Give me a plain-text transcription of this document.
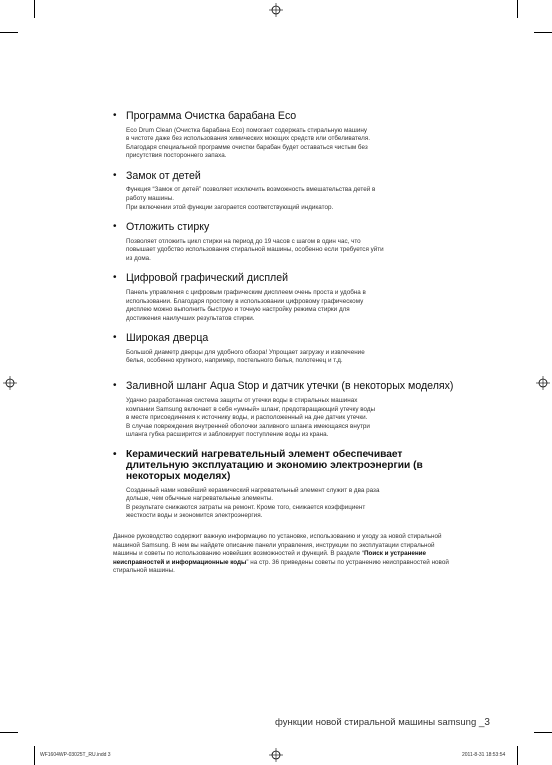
• Программа Очистка барабана Eco
Eco Drum Clean (Очистка барабана Eco) помогает содержать стиральную машину
в чистоте даже без использования химических моющих средств или отбеливателя.
Благодаря специальной программе очистки барабан будет оставаться чистым без
присутствия постороннего запаха.
• Замок от детей
Функция “Замок от детей” позволяет исключить возможность вмешательства детей в
работу машины.
При включении этой функции загорается соответствующий индикатор.
• Отложить стирку
Позволяет отложить цикл стирки на период до 19 часов с шагом в один час, что
повышает удобство использования стиральной машины, особенно если требуется уйти
из дома.
• Цифровой графический дисплей
Панель управления с цифровым графическим дисплеем очень проста и удобна в
использовании. Благодаря простому в использовании цифровому графическому
дисплею можно выполнить быструю и точную настройку режима стирки для
достижения наилучших результатов стирки.
• Широкая дверца
Большой диаметр дверцы для удобного обзора! Упрощает загрузку и извлечение
белья, особенно крупного, например, постельного белья, полотенец и т.д.
• Заливной шланг Aqua Stop и датчик утечки (в некоторых моделях)
Удачно разработанная система защиты от утечки воды в стиральных машинах
компании Samsung включает в себя «умный» шланг, предотвращающий утечку воды
в месте присоединения к источнику воды, и расположенный на дне датчик утечки.
В случае повреждения внутренней оболочки заливного шланга имеющаяся внутри
шланга губка расширится и заблокирует поступление воды из крана.
• Керамический нагревательный элемент обеспечивает длительную эксплуатацию и экономию электроэнергии (в некоторых моделях)
Созданный нами новейший керамический нагревательный элемент служит в два раза
дольше, чем обычные нагревательные элементы.
В результате снижаются затраты на ремонт. Кроме того, снижается коэффициент
жесткости воды и экономится электроэнергия.

Данное руководство содержит важную информацию по установке, использованию и уходу за новой стиральной машиной Samsung. В нем вы найдете описание панели управления, инструкции по эксплуатации стиральной машины и советы по использованию новейших возможностей и функций. В разделе “Поиск и устранение неисправностей и информационные коды” на стр. 36 приведены советы по устранению неисправностей новой стиральной машины.

функции новой стиральной машины samsung _3
WF1604WP-03025T_RU.indd 3	2011-8-31 18:53:54
